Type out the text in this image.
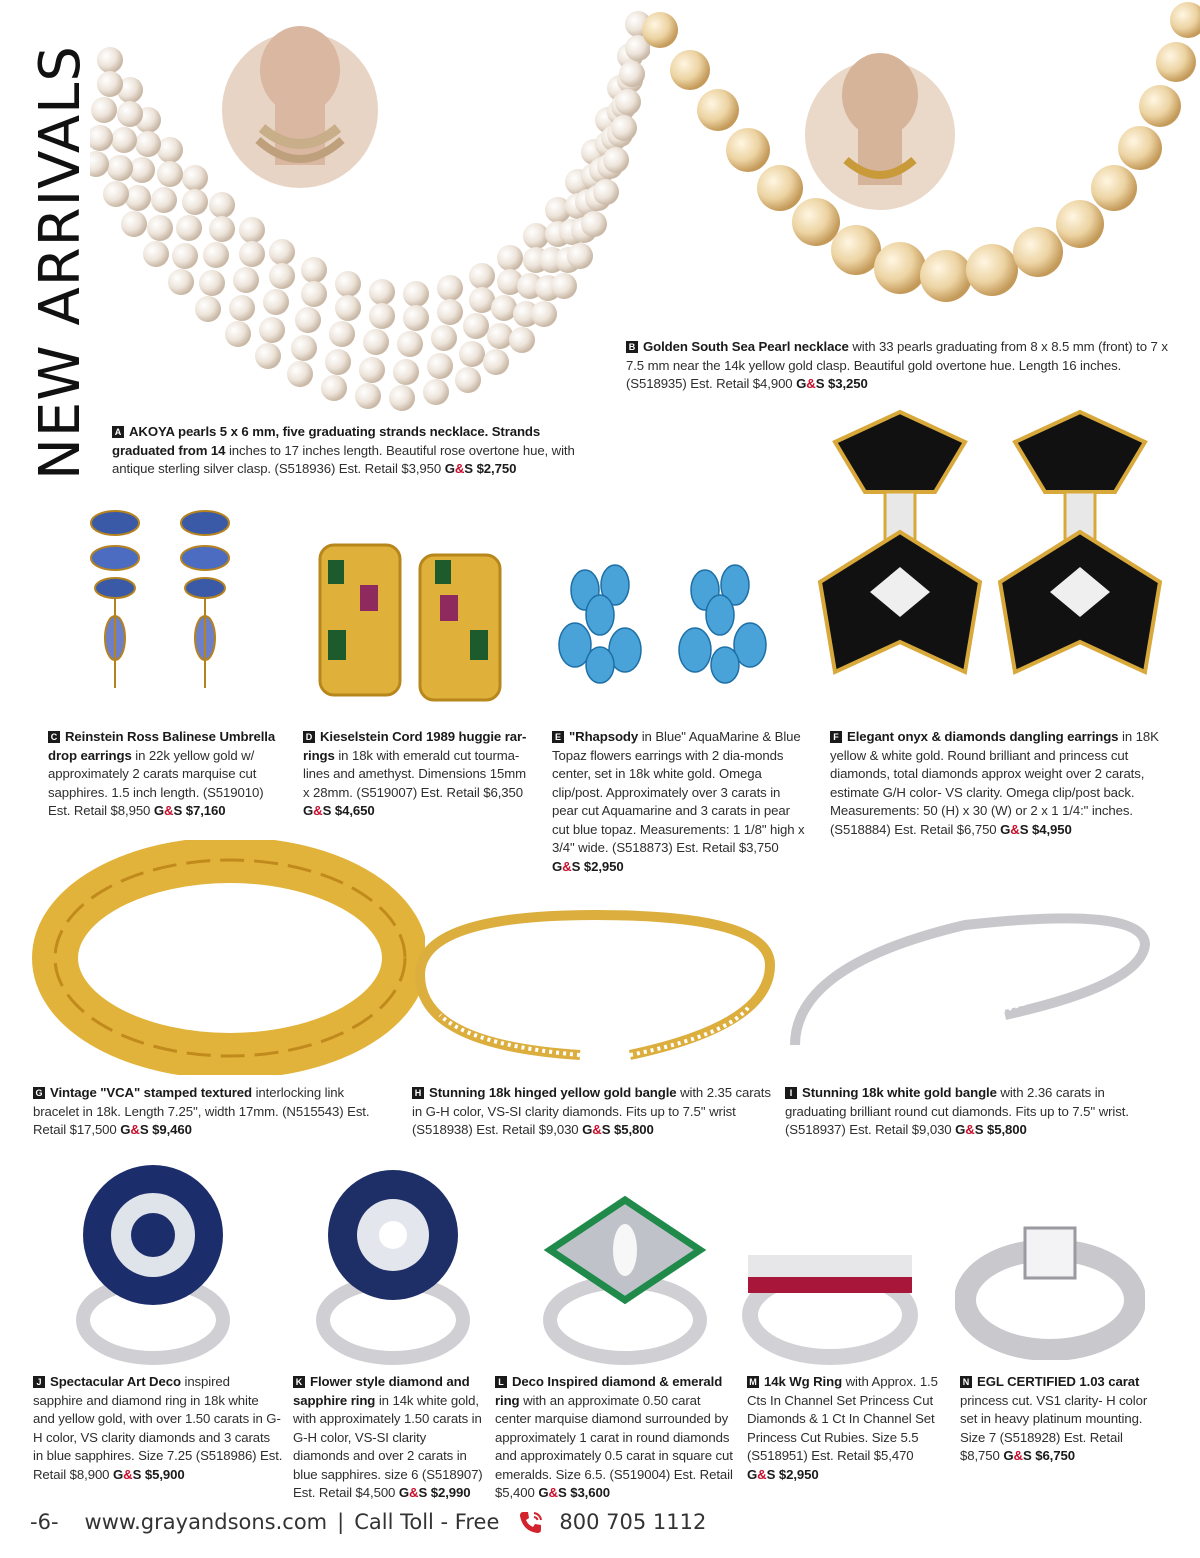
NEW ARRIVALS	A AKOYA pearls 5 x 6 mm, five graduating strands necklace. Strands graduated from 14 inches to 17 inches length. Beautiful rose overtone hue, with antique sterling silver clasp. (S518936) Est. Retail $3,950 G&S $2,750
B Golden South Sea Pearl necklace with 33 pearls graduating from 8 x 8.5 mm (front) to 7 x 7.5 mm near the 14k yellow gold clasp. Beautiful gold overtone hue. Length 16 inches. (S518935) Est. Retail $4,900 G&S $3,250
C Reinstein Ross Balinese Umbrella drop earrings in 22k yellow gold w/ approximately 2 carats marquise cut sapphires. 1.5 inch length. (S519010) Est. Retail $8,950 G&S $7,160
D Kieselstein Cord 1989 huggie rar-rings in 18k with emerald cut tourma-lines and amethyst. Dimensions 15mm x 28mm. (S519007) Est. Retail $6,350 G&S $4,650
E "Rhapsody in Blue" AquaMarine & Blue Topaz flowers earrings with 2 dia-monds center, set in 18k white gold. Omega clip/post. Approximately over 3 carats in pear cut Aquamarine and 3 carats in pear cut blue topaz. Measurements: 1 1/8" high x 3/4" wide. (S518873) Est. Retail $3,750 G&S $2,950
F Elegant onyx & diamonds dangling earrings in 18K yellow & white gold. Round brilliant and princess cut diamonds, total diamonds approx weight over 2 carats, estimate G/H color- VS clarity. Omega clip/post back. Measurements: 50 (H) x 30 (W) or 2 x 1 1/4:" inches. (S518884) Est. Retail $6,750 G&S $4,950
G Vintage "VCA" stamped textured interlocking link bracelet in 18k. Length 7.25'', width 17mm. (N515543) Est. Retail $17,500 G&S $9,460
H Stunning 18k hinged yellow gold bangle with 2.35 carats in G-H color, VS-SI clarity diamonds. Fits up to 7.5'' wrist (S518938) Est. Retail $9,030 G&S $5,800
I Stunning 18k white gold bangle with 2.36 carats in graduating brilliant round cut diamonds. Fits up to 7.5'' wrist. (S518937) Est. Retail $9,030 G&S $5,800
J Spectacular Art Deco inspired sapphire and diamond ring in 18k white and yellow gold, with over 1.50 carats in G-H color, VS clarity diamonds and 3 carats in blue sapphires. Size 7.25 (S518986) Est. Retail $8,900 G&S $5,900
K Flower style diamond and sapphire ring in 14k white gold, with approximately 1.50 carats in G-H color, VS-SI clarity diamonds and over 2 carats in blue sapphires. size 6 (S518907) Est. Retail $4,500 G&S $2,990
L Deco Inspired diamond & emerald ring with an approximate 0.50 carat center marquise diamond surrounded by approximately 1 carat in round diamonds and approximately 0.5 carat in square cut emeralds. Size 6.5. (S519004) Est. Retail $5,400 G&S $3,600
M 14k Wg Ring with Approx. 1.5 Cts In Channel Set Princess Cut Diamonds & 1 Ct In Channel Set Princess Cut Rubies. Size 5.5 (S518951) Est. Retail $5,470 G&S $2,950
N EGL CERTIFIED 1.03 carat princess cut. VS1 clarity- H color set in heavy platinum mounting. Size 7 (S518928) Est. Retail $8,750 G&S $6,750
-6- www.grayandsons.com | Call Toll - Free	800 705 1112
